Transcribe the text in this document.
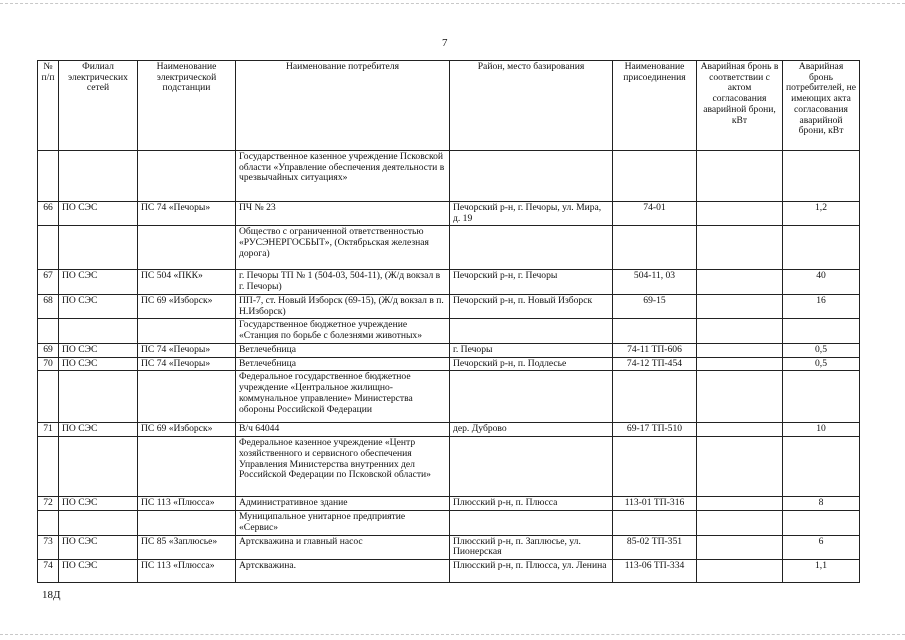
7
№ п/п	Филиал электрических сетей	Наименование электрической подстанции	Наименование потребителя	Район, место базирования	Наименование присоединения	Аварийная бронь в соответствии с актом согласования аварийной брони, кВт	Аварийная бронь потребителей, не имеющих акта согласования аварийной брони, кВт
			Государственное казенное учреждение Псковской области «Управление обеспечения деятельности в чрезвычайных ситуациях»				
66	ПО СЭС	ПС 74 «Печоры»	ПЧ № 23	Печорский р-н, г. Печоры, ул. Мира, д. 19	74-01		1,2
			Общество с ограниченной ответственностью «РУСЭНЕРГОСБЫТ», (Октябрьская железная дорога)				
67	ПО СЭС	ПС 504 «ПКК»	г. Печоры ТП № 1 (504-03, 504-11), (Ж/д вокзал в г. Печоры)	Печорский р-н, г. Печоры	504-11, 03		40
68	ПО СЭС	ПС 69 «Изборск»	ПП-7, ст. Новый Изборск (69-15), (Ж/д вокзал в п. Н.Изборск)	Печорский р-н, п. Новый Изборск	69-15		16
			Государственное бюджетное учреждение «Станция по борьбе с болезнями животных»				
69	ПО СЭС	ПС 74 «Печоры»	Ветлечебница	г. Печоры	74-11 ТП-606		0,5
70	ПО СЭС	ПС 74 «Печоры»	Ветлечебница	Печорский р-н, п. Подлесье	74-12 ТП-454		0,5
			Федеральное государственное бюджетное учреждение «Центральное жилищно-коммунальное управление» Министерства обороны Российской Федерации				
71	ПО СЭС	ПС 69 «Изборск»	В/ч 64044	дер. Дуброво	69-17 ТП-510		10
			Федеральное казенное учреждение «Центр хозяйственного и сервисного обеспечения Управления Министерства внутренних дел Российской Федерации по Псковской области»				
72	ПО СЭС	ПС 113 «Плюсса»	Административное здание	Плюсский р-н, п. Плюсса	113-01 ТП-316		8
			Муниципальное унитарное предприятие «Сервис»				
73	ПО СЭС	ПС 85 «Заплюсье»	Артскважина и главный насос	Плюсский р-н, п. Заплюсье, ул. Пионерская	85-02 ТП-351		6
74	ПО СЭС	ПС 113 «Плюсса»	Артскважина.	Плюсский р-н, п. Плюсса, ул. Ленина	113-06 ТП-334		1,1
18Д
